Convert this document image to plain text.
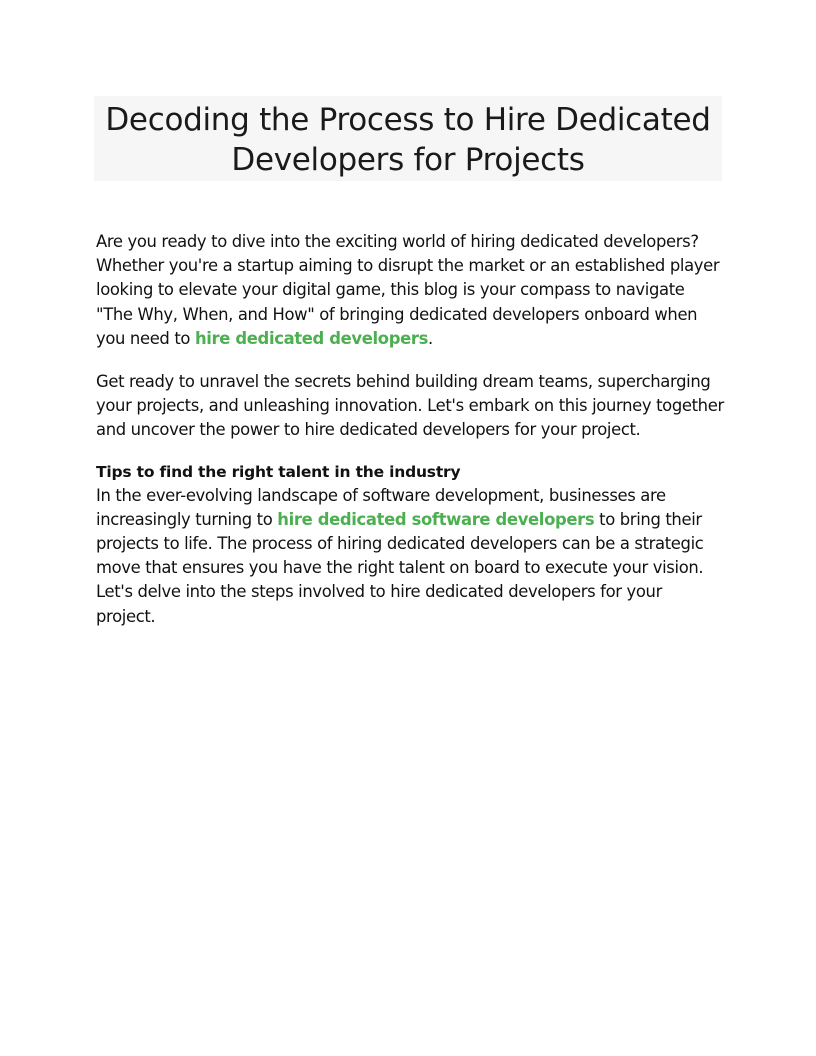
Decoding the Process to Hire Dedicated
Developers for Projects

Are you ready to dive into the exciting world of hiring dedicated developers? Whether you're a startup aiming to disrupt the market or an established player looking to elevate your digital game, this blog is your compass to navigate "The Why, When, and How" of bringing dedicated developers onboard when you need to hire dedicated developers.

Get ready to unravel the secrets behind building dream teams, supercharging your projects, and unleashing innovation. Let's embark on this journey together and uncover the power to hire dedicated developers for your project.

Tips to find the right talent in the industry

In the ever-evolving landscape of software development, businesses are increasingly turning to hire dedicated software developers to bring their projects to life. The process of hiring dedicated developers can be a strategic move that ensures you have the right talent on board to execute your vision. Let's delve into the steps involved to hire dedicated developers for your project.
